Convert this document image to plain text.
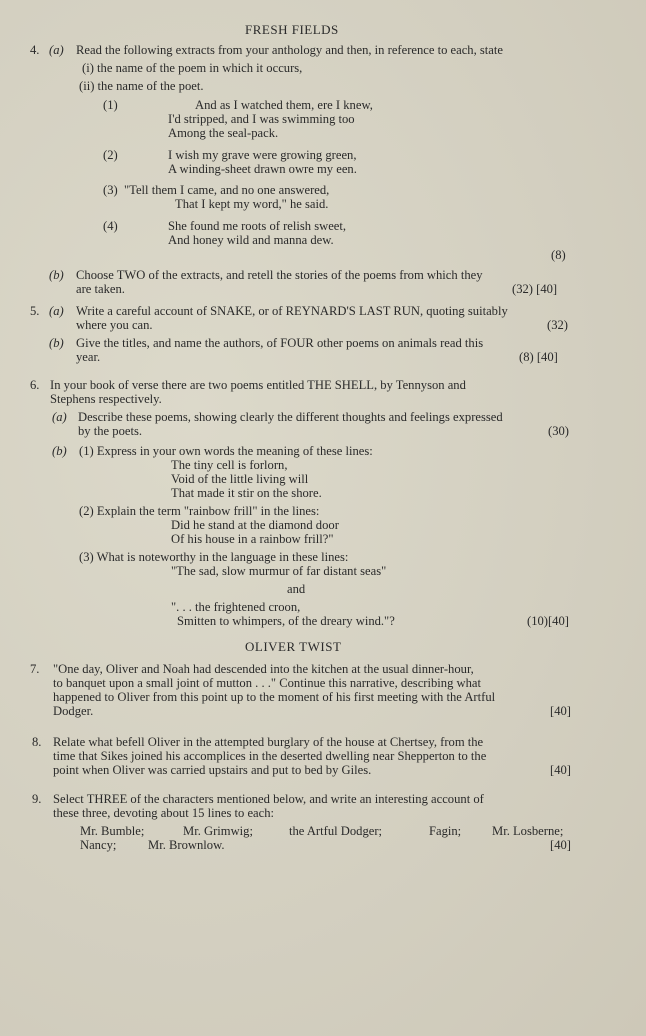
FRESH FIELDS
4. (a) Read the following extracts from your anthology and then, in reference to each, state
(i) the name of the poem in which it occurs,
(ii) the name of the poet.
(1)	And as I watched them, ere I knew,
I'd stripped, and I was swimming too
Among the seal-pack.
(2)	I wish my grave were growing green,
A winding-sheet drawn owre my een.
(3) "Tell them I came, and no one answered,
That I kept my word," he said.
(4)	She found me roots of relish sweet,
And honey wild and manna dew.
(8)
(b) Choose TWO of the extracts, and retell the stories of the poems from which they
are taken.	(32) [40]
5. (a) Write a careful account of SNAKE, or of REYNARD'S LAST RUN, quoting suitably
where you can.	(32)
(b) Give the titles, and name the authors, of FOUR other poems on animals read this
year.	(8) [40]
6. In your book of verse there are two poems entitled THE SHELL, by Tennyson and
Stephens respectively.
(a) Describe these poems, showing clearly the different thoughts and feelings expressed
by the poets.	(30)
(b) (1) Express in your own words the meaning of these lines:
The tiny cell is forlorn,
Void of the little living will
That made it stir on the shore.
(2) Explain the term "rainbow frill" in the lines:
Did he stand at the diamond door
Of his house in a rainbow frill?"
(3) What is noteworthy in the language in these lines:
"The sad, slow murmur of far distant seas"
and
". . . the frightened croon,
Smitten to whimpers, of the dreary wind."?	(10)[40]
OLIVER TWIST
7. "One day, Oliver and Noah had descended into the kitchen at the usual dinner-hour,
to banquet upon a small joint of mutton . . ." Continue this narrative, describing what
happened to Oliver from this point up to the moment of his first meeting with the Artful
Dodger.	[40]
8. Relate what befell Oliver in the attempted burglary of the house at Chertsey, from the
time that Sikes joined his accomplices in the deserted dwelling near Shepperton to the
point when Oliver was carried upstairs and put to bed by Giles.	[40]
9. Select THREE of the characters mentioned below, and write an interesting account of
these three, devoting about 15 lines to each:
Mr. Bumble;	Mr. Grimwig;	the Artful Dodger;	Fagin; Mr. Losberne;
Nancy;	Mr. Brownlow.	[40]
